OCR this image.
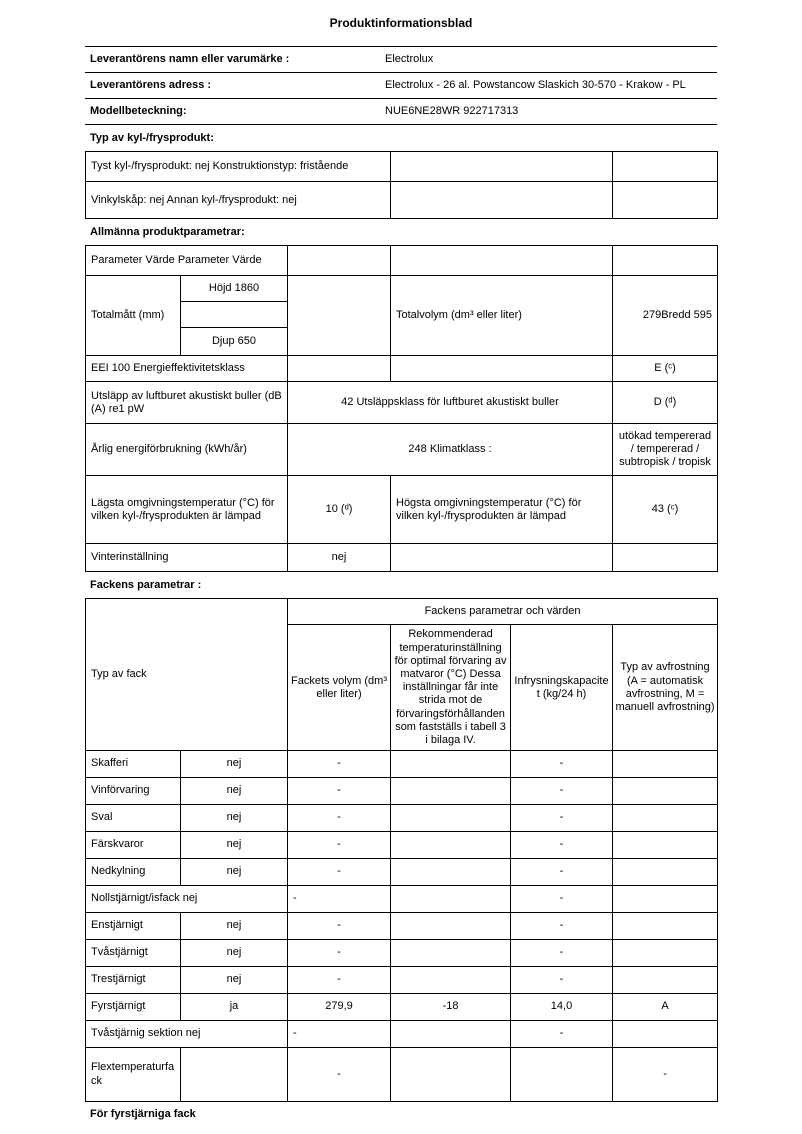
Produktinformationsblad
Leverantörens namn eller varumärke :	Electrolux
Leverantörens adress :	Electrolux - 26 al. Powstancow Slaskich 30-570 - Krakow - PL
Modellbeteckning:	NUE6NE28WR 922717313
Typ av kyl-/frysprodukt:
Tyst kyl-/frysprodukt: nej Konstruktionstyp: fristående		
Vinkylskåp: nej Annan kyl-/frysprodukt: nej		
Allmänna produktparametrar:
Parameter Värde Parameter Värde				
Totalmått (mm)	Höjd 1860		Totalvolym (dm³ eller liter)	279Bredd 595

	Djup 650			
EEI 100 Energieffektivitetsklass				E (ᶜ)
Utsläpp av luftburet akustiskt buller (dB (A) re1 pW		42 Utsläppsklass för luftburet akustiskt buller		D (ᵈ)
Årlig energiförbrukning (kWh/år)		248 Klimatklass :		utökad tempererad / tempererad / subtropisk / tropisk
Lägsta omgivningstemperatur (°C) för vilken kyl-/frysprodukten är lämpad		10 (ᵈ)	Högsta omgivningstemperatur (°C) för vilken kyl-/frysprodukten är lämpad	43 (ᶜ)
Vinterinställning		nej		
Fackens parametrar :
Typ av fack		Fackens parametrar och värden			
		Fackets volym (dm³ eller liter)	Rekommenderad temperaturinställning för optimal förvaring av matvaror (°C) Dessa inställningar får inte strida mot de förvaringsförhållanden som fastställs i tabell 3 i bilaga IV.	Infrysningskapacitet (kg/24 h)	Typ av avfrostning (A = automatisk avfrostning, M = manuell avfrostning)
Skafferi	nej	-		-	
Vinförvaring	nej	-		-	
Sval	nej	-		-	
Färskvaror	nej	-		-	
Nedkylning	nej	-		-	
Nollstjärnigt/isfack nej		-		-	
Enstjärnigt	nej	-		-	
Tvåstjärnigt	nej	-		-	
Trestjärnigt	nej	-		-	
Fyrstjärnigt	ja	279,9	-18	14,0	A
Tvåstjärnig sektion nej		-		-	
Flextemperaturfack		-			-
För fyrstjärniga fack
